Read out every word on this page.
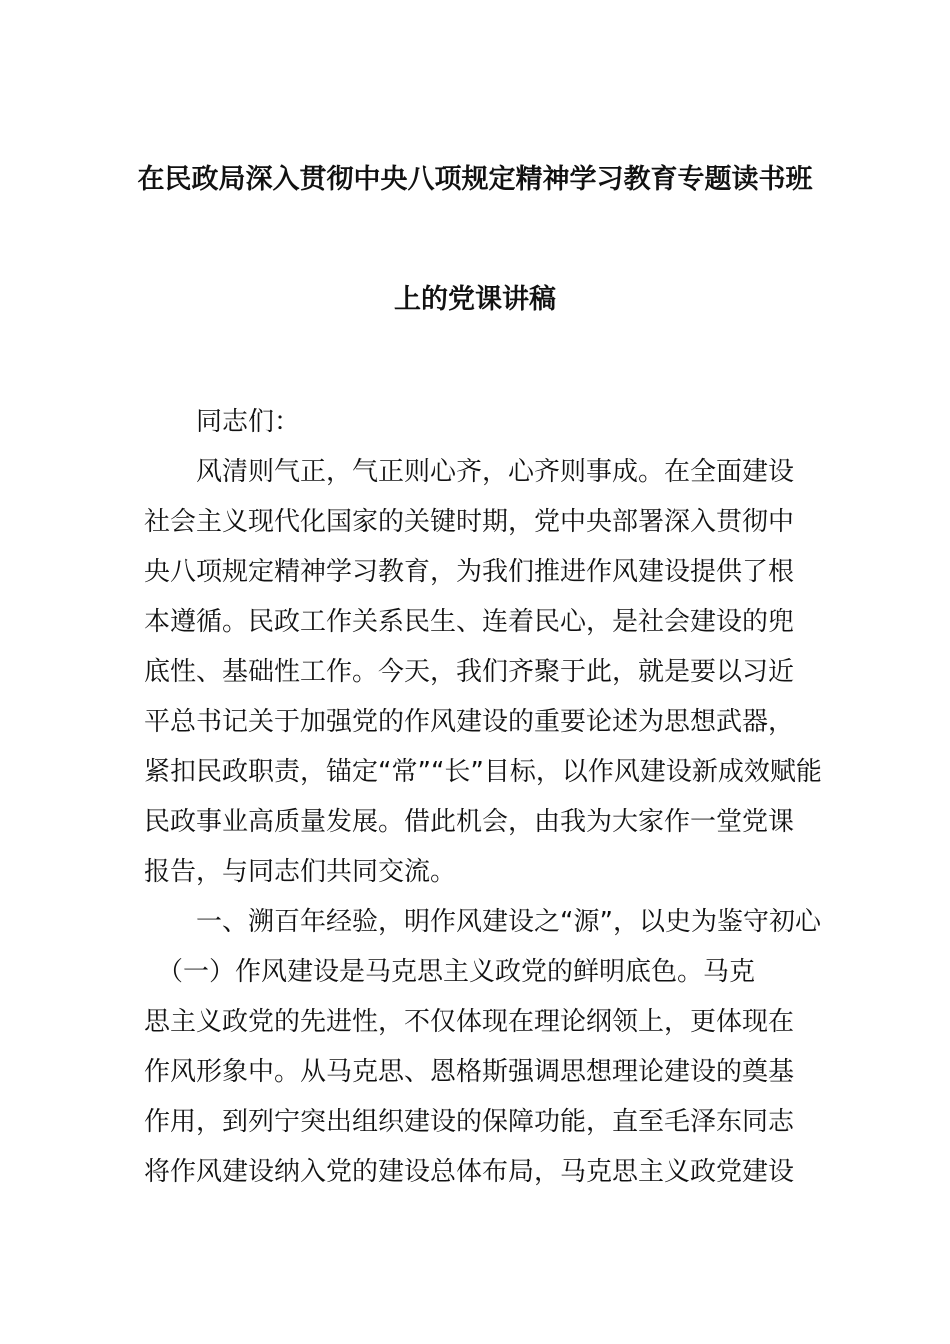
在民政局深入贯彻中央八项规定精神学习教育专题读书班
上的党课讲稿
　　同志们：
　　风清则气正，气正则心齐，心齐则事成。在全面建设
社会主义现代化国家的关键时期，党中央部署深入贯彻中
央八项规定精神学习教育，为我们推进作风建设提供了根
本遵循。民政工作关系民生、连着民心，是社会建设的兜
底性、基础性工作。今天，我们齐聚于此，就是要以习近
平总书记关于加强党的作风建设的重要论述为思想武器，
紧扣民政职责，锚定“常”“长”目标，以作风建设新成效赋能
民政事业高质量发展。借此机会，由我为大家作一堂党课
报告，与同志们共同交流。
　　一、溯百年经验，明作风建设之“源”，以史为鉴守初心
　（一）作风建设是马克思主义政党的鲜明底色。马克
思主义政党的先进性，不仅体现在理论纲领上，更体现在
作风形象中。从马克思、恩格斯强调思想理论建设的奠基
作用，到列宁突出组织建设的保障功能，直至毛泽东同志
将作风建设纳入党的建设总体布局，马克思主义政党建设
